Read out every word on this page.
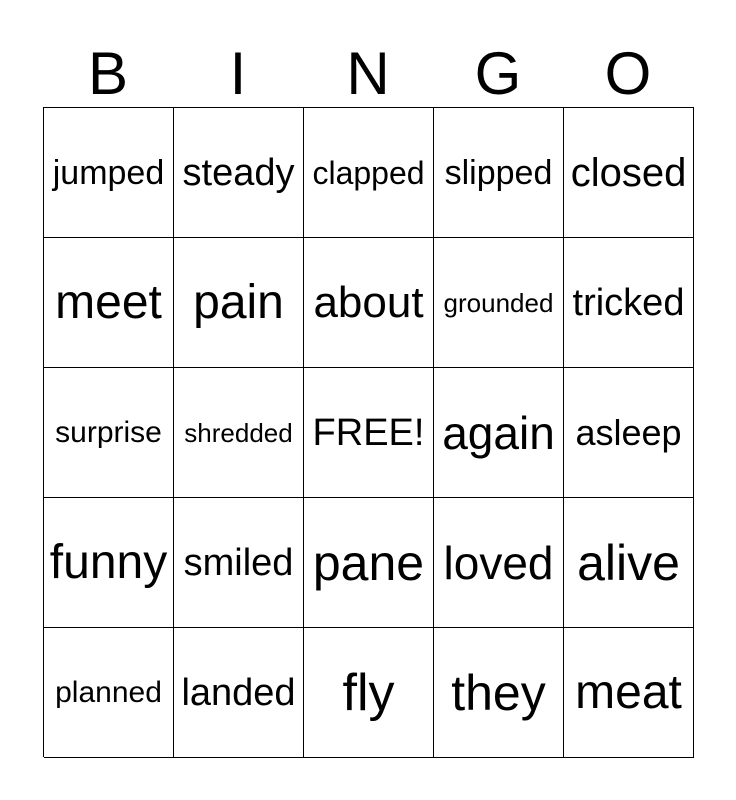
B	I	N	G	O
jumped steady clapped slipped closed
meet pain about grounded tricked
surprise shredded FREE! again asleep
funny smiled pane loved alive
planned landed fly	they meat
